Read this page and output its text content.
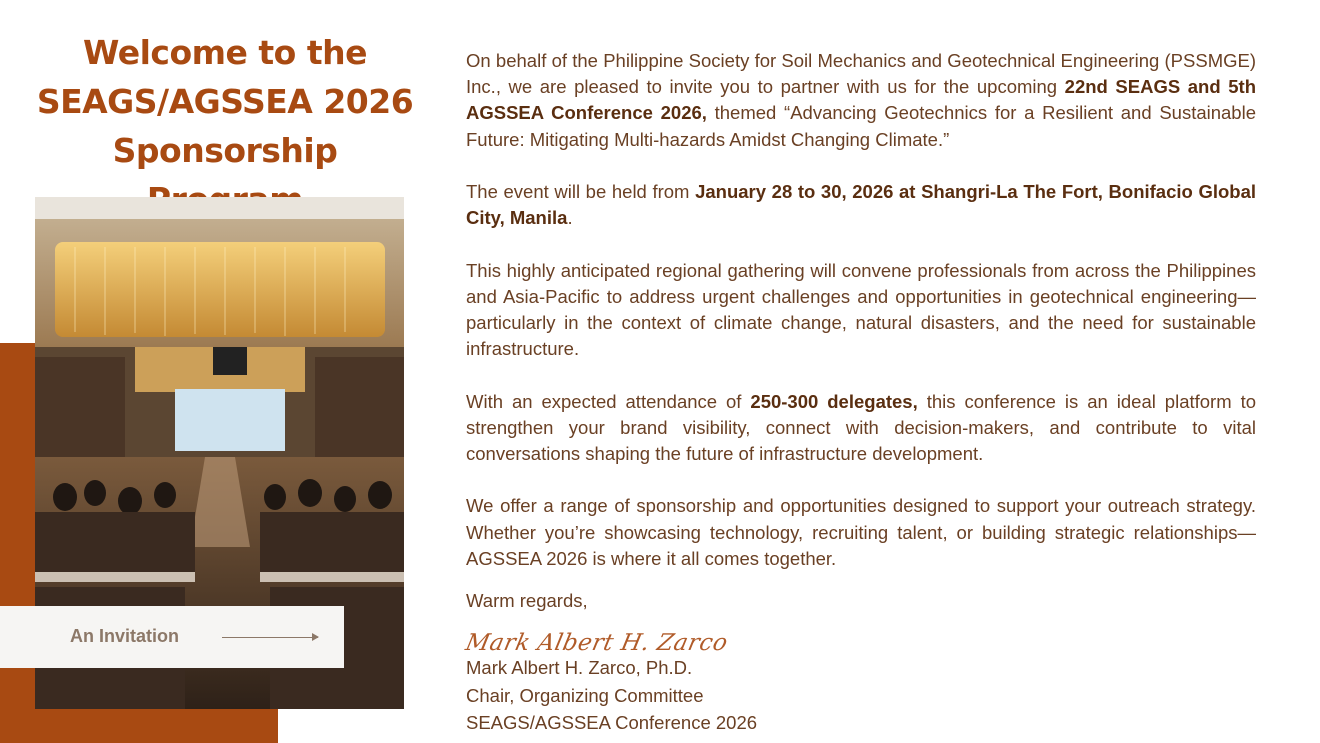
Welcome to the
SEAGS/AGSSEA 2026
Sponsorship
An Invitation

On behalf of the Philippine Society for Soil Mechanics and Geotechnical Engineering (PSSMGE) Inc., we are pleased to invite you to partner with us for the upcoming 22nd SEAGS and 5th AGSSEA Conference 2026, themed “Advancing Geotechnics for a Resilient and Sustainable Future: Mitigating Multi-hazards Amidst Changing Climate.”

The event will be held from January 28 to 30, 2026 at Shangri-La The Fort, Bonifacio Global City, Manila.

This highly anticipated regional gathering will convene professionals from across the Philippines and Asia-Pacific to address urgent challenges and opportunities in geotechnical engineering—particularly in the context of climate change, natural disasters, and the need for sustainable infrastructure.

With an expected attendance of 250-300 delegates, this conference is an ideal platform to strengthen your brand visibility, connect with decision-makers, and contribute to vital conversations shaping the future of infrastructure development.

We offer a range of sponsorship and opportunities designed to support your outreach strategy. Whether you’re showcasing technology, recruiting talent, or building strategic relationships—AGSSEA 2026 is where it all comes together.

Warm regards,
Mark Albert H. Zarco
Mark Albert H. Zarco, Ph.D.
Chair, Organizing Committee
SEAGS/AGSSEA Conference 2026
